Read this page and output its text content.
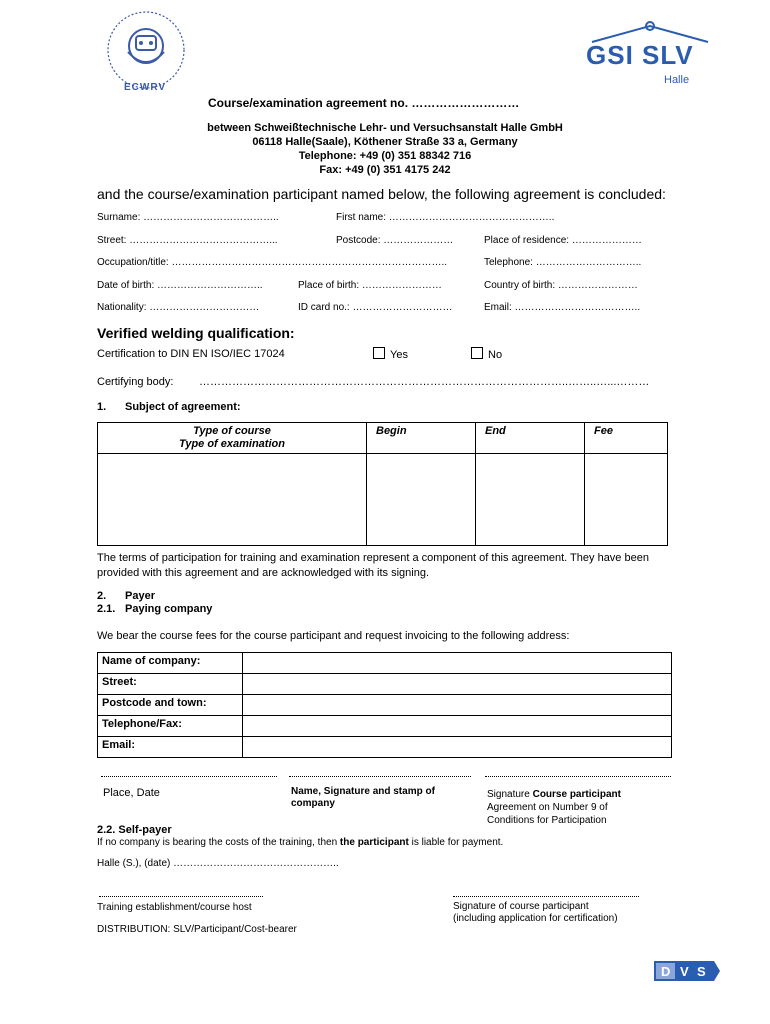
ECWRV
GSI SLV
Halle
Course/examination agreement no. ………………………
between Schweißtechnische Lehr- und Versuchsanstalt Halle GmbH
06118 Halle(Saale), Köthener Straße 33 a, Germany
Telephone: +49 (0) 351 88342 716
Fax: +49 (0) 351 4175 242
and the course/examination participant named below, the following agreement is concluded:
Surname: …………………………………..	First name: …………………………………………..
Street: ……………………………………...	Postcode: …………………	Place of residence: …………………
Occupation/title: ………………………………………………………………………..	Telephone: …………………………..
Date of birth: …………………………..	Place of birth: ……………………	Country of birth: ……………………
Nationality: ……………………………	ID card no.: …………………………	Email: ………………………………..
Verified welding qualification:
Certification to DIN EN ISO/IEC 17024	Yes	No
Certifying body: ………………………………………………………………………………………..……..…...………
1. Subject of agreement:
Type of course
Type of examination	Begin	End	Fee

The terms of participation for training and examination represent a component of this agreement. They have been provided with this agreement and are acknowledged with its signing.
2. Payer
2.1. Paying company
We bear the course fees for the course participant and request invoicing to the following address:
Name of company:	
Street:	
Postcode and town:	
Telephone/Fax:	
Email:	
Place, Date	Name, Signature and stamp of company
Signature Course participant
Agreement on Number 9 of
Conditions for Participation
2.2. Self-payer
If no company is bearing the costs of the training, then the participant is liable for payment.
Halle (S.), (date) …………………………………………..
Training establishment/course host	Signature of course participant
(including application for certification)
DISTRIBUTION: SLV/Participant/Cost-bearer
D V S
